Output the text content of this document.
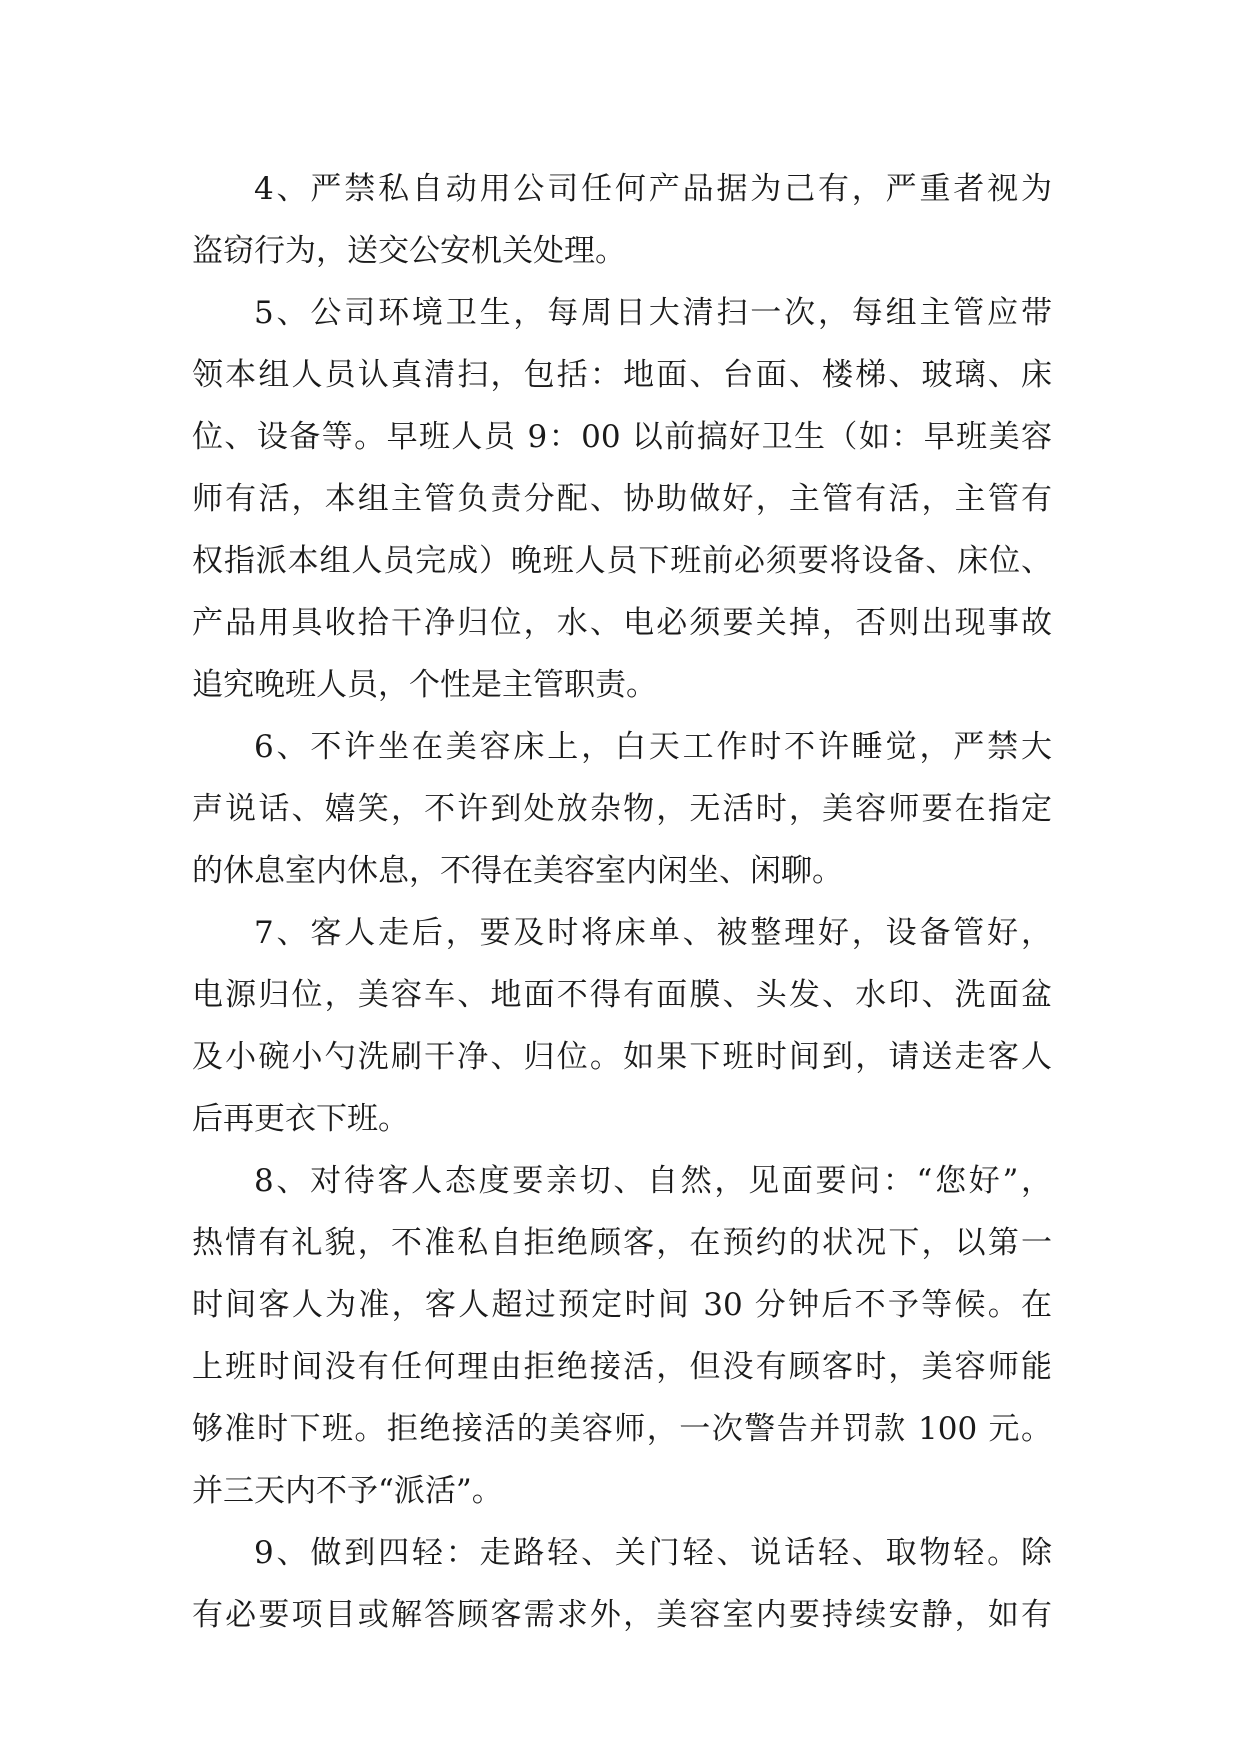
4、严禁私自动用公司任何产品据为己有，严重者视为
盗窃行为，送交公安机关处理。
5、公司环境卫生，每周日大清扫一次，每组主管应带
领本组人员认真清扫，包括：地面、台面、楼梯、玻璃、床
位、设备等。早班人员 9：00 以前搞好卫生（如：早班美容
师有活，本组主管负责分配、协助做好，主管有活，主管有
权指派本组人员完成）晚班人员下班前必须要将设备、床位、
产品用具收拾干净归位，水、电必须要关掉，否则出现事故
追究晚班人员，个性是主管职责。
6、不许坐在美容床上，白天工作时不许睡觉，严禁大
声说话、嬉笑，不许到处放杂物，无活时，美容师要在指定
的休息室内休息，不得在美容室内闲坐、闲聊。
7、客人走后，要及时将床单、被整理好，设备管好，
电源归位，美容车、地面不得有面膜、头发、水印、洗面盆
及小碗小勺洗刷干净、归位。如果下班时间到，请送走客人
后再更衣下班。
8、对待客人态度要亲切、自然，见面要问：“您好”，
热情有礼貌，不准私自拒绝顾客，在预约的状况下，以第一
时间客人为准，客人超过预定时间 30 分钟后不予等候。在
上班时间没有任何理由拒绝接活，但没有顾客时，美容师能
够准时下班。拒绝接活的美容师，一次警告并罚款 100 元。
并三天内不予“派活”。
9、做到四轻：走路轻、关门轻、说话轻、取物轻。除
有必要项目或解答顾客需求外，美容室内要持续安静，如有
